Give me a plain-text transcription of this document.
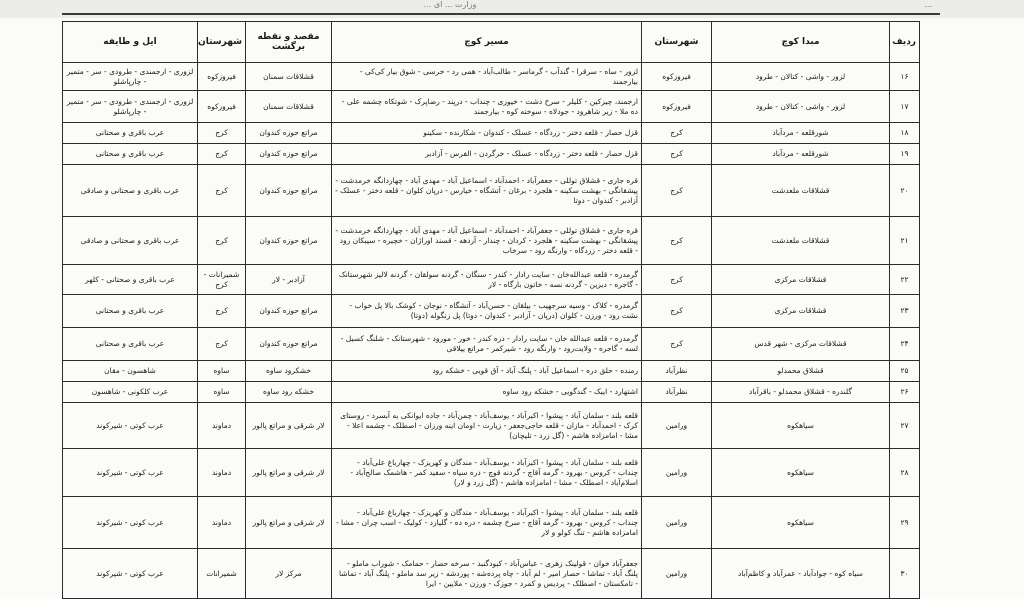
وزارت ... ای ...	...
ردیف	مبدا کوچ	شهرستان	مسیر کوچ	مقصد و نقطه برگشت	شهرستان	ایل و طایفه
۱۶	لزور - واشی - کتالان - طرود	فیروزکوه	لزور - ساه - سرقرا - گندآب - گرماسر - طالب‌آباد - همی رد - خرسی - شوق بیار کی‌کی - بیارجمند	قشلاقات سمنان	فیروزکوه	لزوری - ارجمندی - طرودی - سر - متمیر - چارپاشلو
۱۷	لزور - واشی - کتالان - طرود	فیروزکوه	ارجمند، چیزکین - کلیلر - سرخ دشت - خیوزی - چنداب - درپند - رضاپرک - شوتکاه چشمه علی - ده ملا - زیر شاهرود - جودلاه - سوخته کوه - بیارجمند	قشلاقات سمنان	فیروزکوه	لزوری - ارجمندی - طرودی - سر - متمیر - چارپاشلو
۱۸	شورقلعه - مردآباد	کرج	قزل حصار - قلعه دختر - زردگاه - عسلک - کندوان - شکارنده - سکینو	مراتع حوزه کندوان	کرج	عرب باقری و صحتانی
۱۹	شورقلعه - مردآباد	کرج	قزل حصار - قلعه دختر - زردگاه - عسلک - خرگردن - الفرس - آزادبر	مراتع حوزه کندوان	کرج	عرب باقری و صحتانی
۲۰	قشلاقات ملعدشت	کرج	قره جاری - قشلاق توللی - جعفرآباد - احمدآباد - اسماعیل آباد - مهدی آباد - چهاردانگه خرمدشت - پیشقانگی - بهشت سکینه - هلجرد - برغان - آتشگاه - خیارس - درپان کلوان - قلعه دختر - عسلک - آزادبر - کندوان - دوتا	مراتع حوزه کندوان	کرج	عرب باقری و صحتانی و صادقی
۲۱	قشلاقات ملعدشت	کرج	قره جاری - قشلاق توللی - جعفرآباد - احمدآباد - اسماعیل آباد - مهدی آباد - چهاردانگه خرمدشت - پیشقانگی - بهشت سکینه - هلجرد - کردان - چندار - آردهه - قسند اوراژان - خچیره - سیبکان رود - قلعه دختر - زردگاه - وارنگه رود - سرخاب	مراتع حوزه کندوان	کرج	عرب باقری و صحتانی و صادقی
۲۲	قشلاقات مرکزی	کرج	گرمدره - قلعه عبدالله‌خان - سایت رادار - کندر - سنگان - گردنه سولقان - گردنه لالیز شهرستانک - گاجره - دیزین - گردنه نسه - خاتون بارگاه - لار	آزادبر - لار	شمیرانات - کرج	عرب باقری و صحتانی - کلهر
۲۳	قشلاقات مرکزی	کرج	گرمدره - کلاک - وسیه سرجهیب - بیلقان - حسن‌آباد - آتشگاه - نوجان - کوشک بالا پل خواب - نشت رود - ورزن - کلوان (درپان - آزادبر - کندوان - دوتا) پل زنگوله (دوتا)	مراتع حوزه کندوان	کرج	عرب باقری و صحتانی
۲۴	قشلاقات مرکزی - شهر قدس	کرج	گرمدره - قلعه عبدالله خان - سایت رادار - دره کندر - خور - مورود - شهرستانک - شلنگ کسیل - لسه - گاجره - ولایت‌رود - وارنگه رود - شیرکمر - مراتع ییلاقی	مراتع حوزه کندوان	کرج	عرب باقری و صحتانی
۲۵	قشلاق محمدلو	نظرآباد	رمنده - حلق دره - اسماعیل آباد - پلنگ آباد - آق قویی - خشکه رود	خشکرود ساوه	ساوه	شاهسون - مقان
۲۶	گلندره - قشلاق محمدلو - باقرآباد	نظرآباد	اشتهارد - ایبک - گندگویی - خشکه رود ساوه	خشکه رود ساوه	ساوه	عرب کلکونی - شاهسون
۲۷	سیاهکوه	ورامین	قلعه بلند - سلمان آباد - پیشوا - اکبرآباد - یوسف‌آباد - چمن‌آباد - جاده ایوانکی به آبسرد - روستای کرک - احمدآباد - مازان - قلعه حاجی‌جعفر - زیارت - اومان اینه ورزان - اصطلک - چشمه اعلا - مشا - امامزاده هاشم - (گل زرد - تلیچان)	لار شرقی و مراتع پالور	دماوند	عرب کوتی - شیرکوند
۲۸	سیاهکوه	ورامین	قلعه بلند - سلمان آباد - پیشوا - اکبرآباد - یوسف‌آباد - مندگان و کهریزک - چهارباغ علی‌آباد - چنداب - کروس - بهرود - گرمه آقاچ - گردنه قوچ - دره سیاه - سفید کمر - هاشمک صالح‌آباد - اسلام‌آباد - اصطلک - مشا - امامزاده هاشم - (گل زرد و لار)	لار شرقی و مراتع پالور	دماوند	عرب کوتی - شیرکوند
۲۹	سیاهکوه	ورامین	قلعه بلند - سلمان آباد - پیشوا - اکبرآباد - یوسف‌آباد - مندگان و کهریزک - چهارباغ علی‌آباد - چنداب - کروس - بهرود - گرمه آقاچ - سرخ چشمه - دره ده - گلیارد - کولیک - اسب چران - مشا - امامزاده هاشم - تنگ کولو و لار	لار شرقی و مراتع پالور	دماوند	عرب کوتی - شیرکوند
۳۰	سیاه کوه - جوادآباد - عمرآباد و کاظم‌آباد	ورامین	جعفرآباد خوان - قولینک زهری - عباس‌آباد - کبودگنبد - سرخه حصار - حمامک - شوراب ماملو - پلنگ آباد - تماشا - حصار امیر - لم آباد - چاه پرده‌شه - پوردشه - زیر سد ماملو - پلنگ آباد - تماشا - تامکستان - اصطلک - پردیس و کمرد - جوزک - ورزن - ملایین - ایرا	مرکز لار	شمیرانات	عرب کوتی - شیرکوند
